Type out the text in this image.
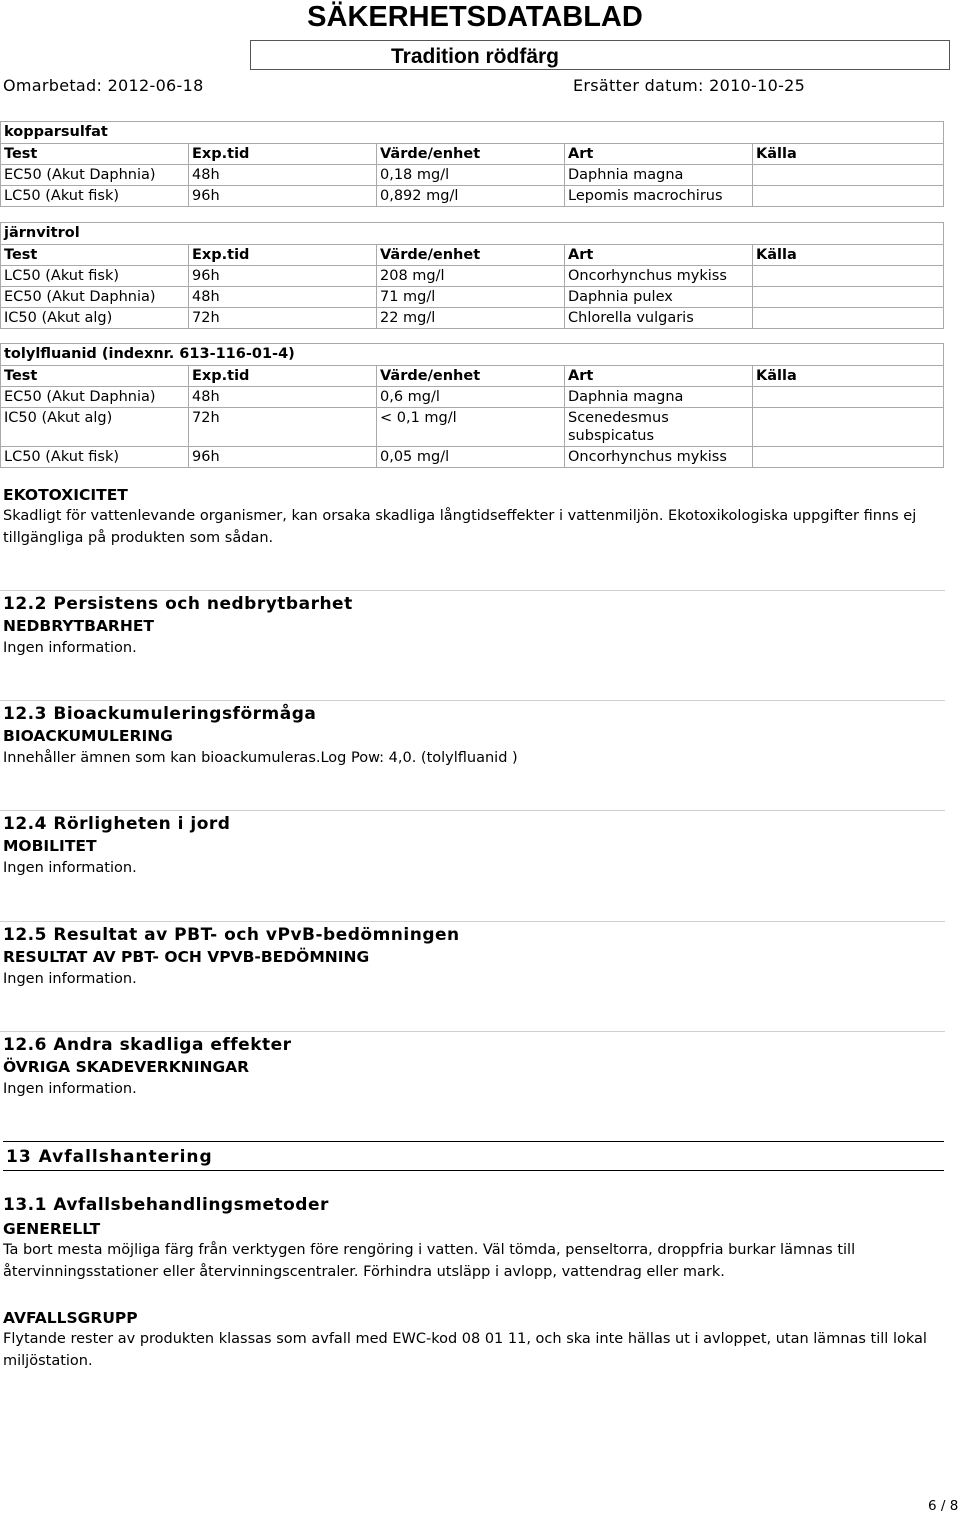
SÄKERHETSDATABLAD
Tradition rödfärg
Omarbetad: 2012-06-18	Ersätter datum: 2010-10-25
kopparsulfat				
Test	Exp.tid	Värde/enhet	Art	Källa
EC50 (Akut Daphnia)	48h	0,18 mg/l	Daphnia magna	
LC50 (Akut fisk)	96h	0,892 mg/l	Lepomis macrochirus	
järnvitrol				
Test	Exp.tid	Värde/enhet	Art	Källa
LC50 (Akut fisk)	96h	208 mg/l	Oncorhynchus mykiss	
EC50 (Akut Daphnia)	48h	71 mg/l	Daphnia pulex	
IC50 (Akut alg)	72h	22 mg/l	Chlorella vulgaris	
tolylfluanid (indexnr. 613-116-01-4)				
Test	Exp.tid	Värde/enhet	Art	Källa
EC50 (Akut Daphnia)	48h	0,6 mg/l	Daphnia magna	
IC50 (Akut alg)	72h	< 0,1 mg/l	Scenedesmus subspicatus	
LC50 (Akut fisk)	96h	0,05 mg/l	Oncorhynchus mykiss	
EKOTOXICITET
Skadligt för vattenlevande organismer, kan orsaka skadliga långtidseffekter i vattenmiljön. Ekotoxikologiska uppgifter finns ej tillgängliga på produkten som sådan.
12.2 Persistens och nedbrytbarhet
NEDBRYTBARHET
Ingen information.
12.3 Bioackumuleringsförmåga
BIOACKUMULERING
Innehåller ämnen som kan bioackumuleras.Log Pow: 4,0. (tolylfluanid )
12.4 Rörligheten i jord
MOBILITET
Ingen information.
12.5 Resultat av PBT- och vPvB-bedömningen
RESULTAT AV PBT- OCH VPVB-BEDÖMNING
Ingen information.
12.6 Andra skadliga effekter
ÖVRIGA SKADEVERKNINGAR
Ingen information.
13 Avfallshantering
13.1 Avfallsbehandlingsmetoder
GENERELLT
Ta bort mesta möjliga färg från verktygen före rengöring i vatten. Väl tömda, penseltorra, droppfria burkar lämnas till återvinningsstationer eller återvinningscentraler. Förhindra utsläpp i avlopp, vattendrag eller mark.
AVFALLSGRUPP
Flytande rester av produkten klassas som avfall med EWC-kod 08 01 11, och ska inte hällas ut i avloppet, utan lämnas till lokal miljöstation.
6 / 8
